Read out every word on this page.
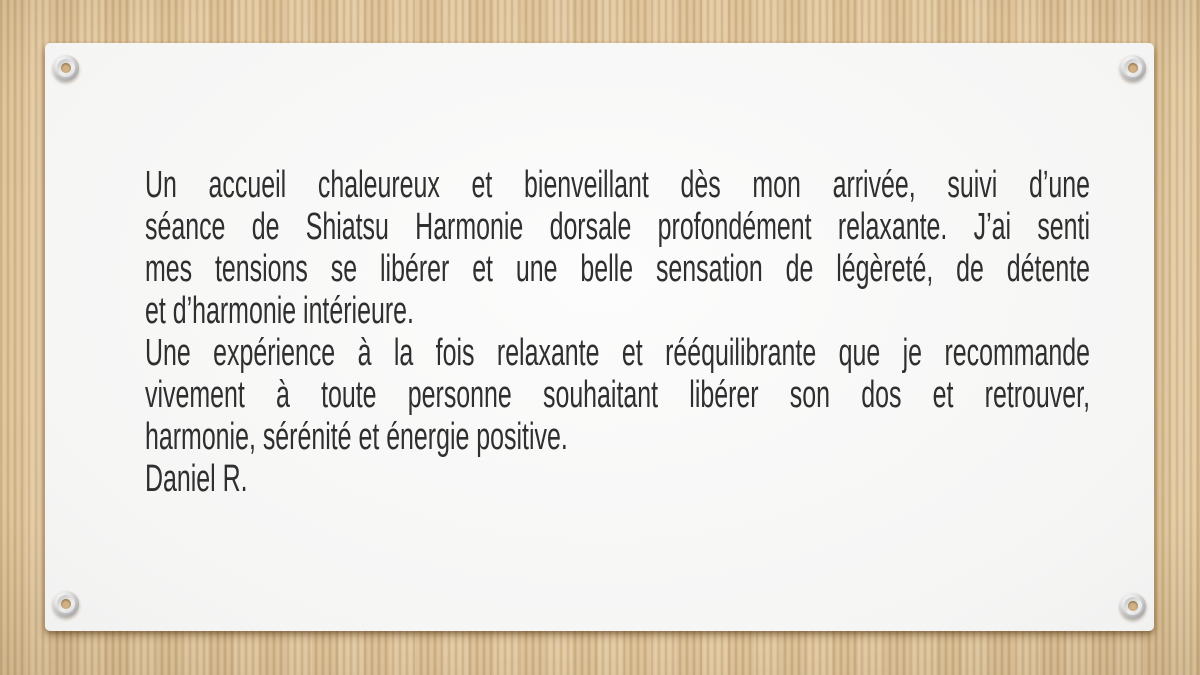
Un accueil chaleureux et bienveillant dès mon arrivée, suivi d’une
séance de Shiatsu Harmonie dorsale profondément relaxante. J’ai senti
mes tensions se libérer et une belle sensation de légèreté, de détente
et d’harmonie intérieure.
Une expérience à la fois relaxante et rééquilibrante que je recommande
vivement à toute personne souhaitant libérer son dos et retrouver,
harmonie, sérénité et énergie positive.
Daniel R.
